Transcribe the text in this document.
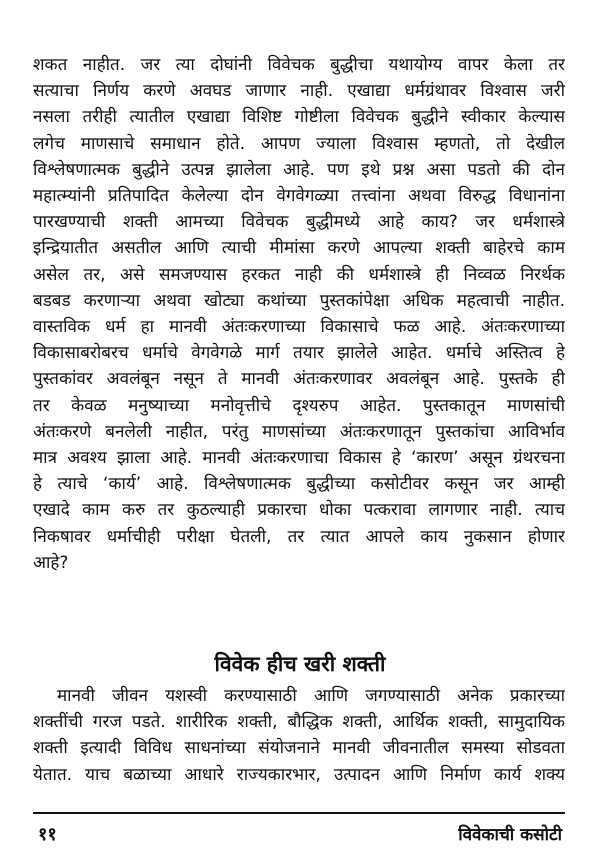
शकत नाहीत. जर त्या दोघांनी विवेचक बुद्धीचा यथायोग्य वापर केला तर
सत्याचा निर्णय करणे अवघड जाणार नाही. एखाद्या धर्मग्रंथावर विश्वास जरी
नसला तरीही त्यातील एखाद्या विशिष्ट गोष्टीला विवेचक बुद्धीने स्वीकार केल्यास
लगेच माणसाचे समाधान होते. आपण ज्याला विश्वास म्हणतो, तो देखील
विश्लेषणात्मक बुद्धीने उत्पन्न झालेला आहे. पण इथे प्रश्न असा पडतो की दोन
महात्म्यांनी प्रतिपादित केलेल्या दोन वेगवेगळ्या तत्त्वांना अथवा विरुद्ध विधानांना
पारखण्याची शक्ती आमच्या विवेचक बुद्धीमध्ये आहे काय? जर धर्मशास्त्रे
इन्द्रियातीत असतील आणि त्याची मीमांसा करणे आपल्या शक्ती बाहेरचे काम
असेल तर, असे समजण्यास हरकत नाही की धर्मशास्त्रे ही निव्वळ निरर्थक
बडबड करणाऱ्या अथवा खोट्या कथांच्या पुस्तकांपेक्षा अधिक महत्वाची नाहीत.
वास्तविक धर्म हा मानवी अंतःकरणाच्या विकासाचे फळ आहे. अंतःकरणाच्या
विकासाबरोबरच धर्माचे वेगवेगळे मार्ग तयार झालेले आहेत. धर्माचे अस्तित्व हे
पुस्तकांवर अवलंबून नसून ते मानवी अंतःकरणावर अवलंबून आहे. पुस्तके ही
तर केवळ मनुष्याच्या मनोवृत्तीचे दृश्यरुप आहेत. पुस्तकातून माणसांची
अंतःकरणे बनलेली नाहीत, परंतु माणसांच्या अंतःकरणातून पुस्तकांचा आविर्भाव
मात्र अवश्य झाला आहे. मानवी अंतःकरणाचा विकास हे ‘कारण’ असून ग्रंथरचना
हे त्याचे ‘कार्य’ आहे. विश्लेषणात्मक बुद्धीच्या कसोटीवर कसून जर आम्ही
एखादे काम करु तर कुठल्याही प्रकारचा धोका पत्करावा लागणार नाही. त्याच
निकषावर धर्माचीही परीक्षा घेतली, तर त्यात आपले काय नुकसान होणार
आहे?
विवेक हीच खरी शक्ती
मानवी जीवन यशस्वी करण्यासाठी आणि जगण्यासाठी अनेक प्रकारच्या
शक्तींची गरज पडते. शारीरिक शक्ती, बौद्धिक शक्ती, आर्थिक शक्ती, सामुदायिक
शक्ती इत्यादी विविध साधनांच्या संयोजनाने मानवी जीवनातील समस्या सोडवता
येतात. याच बळाच्या आधारे राज्यकारभार, उत्पादन आणि निर्माण कार्य शक्य
११	विवेकाची कसोटी
